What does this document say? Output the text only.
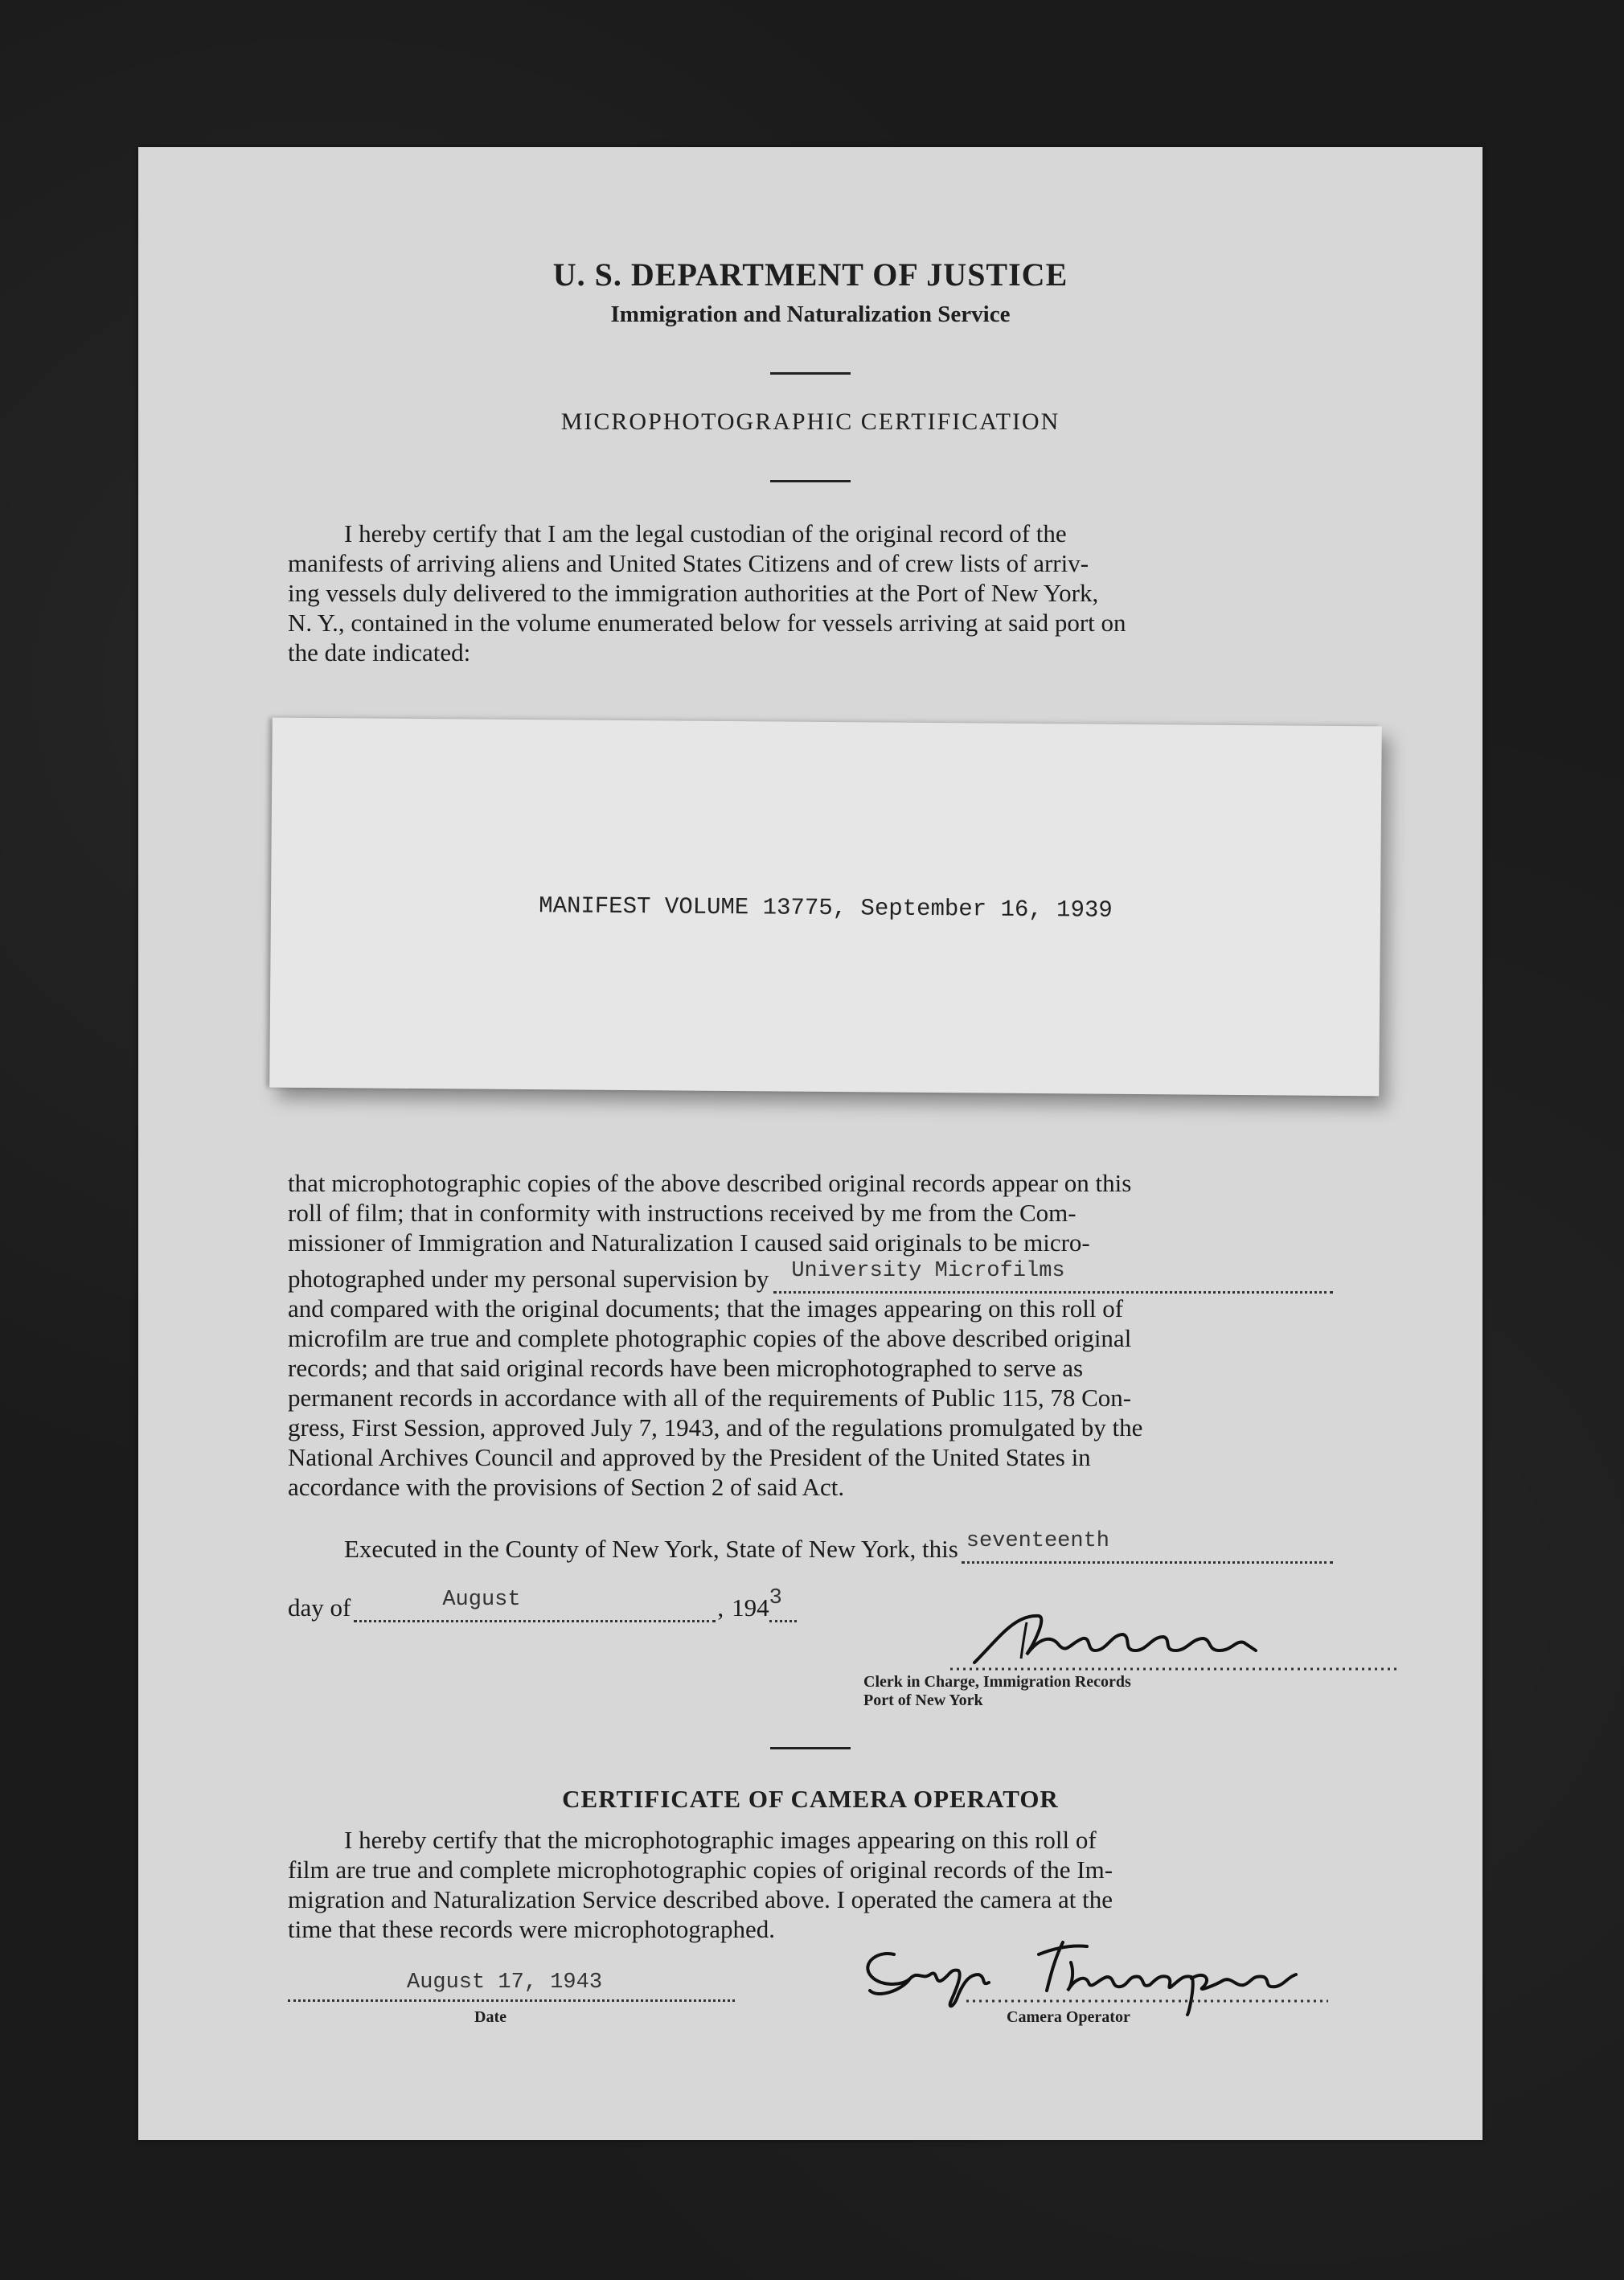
U. S. DEPARTMENT OF JUSTICE
Immigration and Naturalization Service
MICROPHOTOGRAPHIC CERTIFICATION
I hereby certify that I am the legal custodian of the original record of the
manifests of arriving aliens and United States Citizens and of crew lists of arriv-
ing vessels duly delivered to the immigration authorities at the Port of New York,
N. Y., contained in the volume enumerated below for vessels arriving at said port on
the date indicated:
MANIFEST VOLUME 13775, September 16, 1939
that microphotographic copies of the above described original records appear on this
roll of film; that in conformity with instructions received by me from the Com-
missioner of Immigration and Naturalization I caused said originals to be micro-
photographed under my personal supervision by University Microfilms
and compared with the original documents; that the images appearing on this roll of
microfilm are true and complete photographic copies of the above described original
records; and that said original records have been microphotographed to serve as
permanent records in accordance with all of the requirements of Public 115, 78 Con-
gress, First Session, approved July 7, 1943, and of the regulations promulgated by the
National Archives Council and approved by the President of the United States in
accordance with the provisions of Section 2 of said Act.
Executed in the County of New York, State of New York, this seventeenth
day of	August	, 194 3
Clerk in Charge, Immigration Records
Port of New York
CERTIFICATE OF CAMERA OPERATOR
I hereby certify that the microphotographic images appearing on this roll of
film are true and complete microphotographic copies of original records of the Im-
migration and Naturalization Service described above. I operated the camera at the
time that these records were microphotographed.
August 17, 1943
Date	Camera Operator
